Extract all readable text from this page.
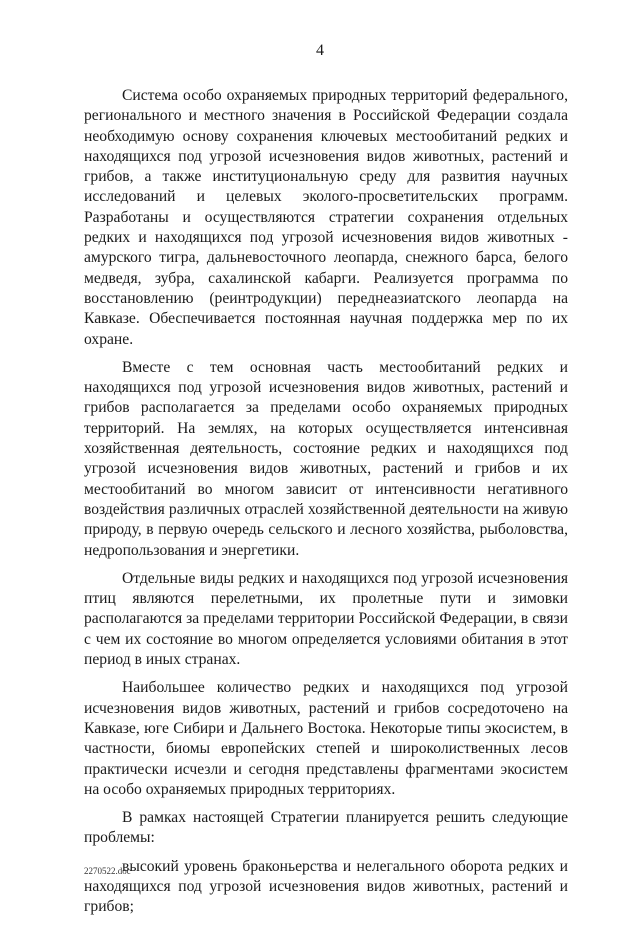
4

Система особо охраняемых природных территорий федерального, регионального и местного значения в Российской Федерации создала необходимую основу сохранения ключевых местообитаний редких и находящихся под угрозой исчезновения видов животных, растений и грибов, а также институциональную среду для развития научных исследований и целевых эколого-просветительских программ. Разработаны и осуществляются стратегии сохранения отдельных редких и находящихся под угрозой исчезновения видов животных - амурского тигра, дальневосточного леопарда, снежного барса, белого медведя, зубра, сахалинской кабарги. Реализуется программа по восстановлению (реинтродукции) переднеазиатского леопарда на Кавказе. Обеспечивается постоянная научная поддержка мер по их охране.

Вместе с тем основная часть местообитаний редких и находящихся под угрозой исчезновения видов животных, растений и грибов располагается за пределами особо охраняемых природных территорий. На землях, на которых осуществляется интенсивная хозяйственная деятельность, состояние редких и находящихся под угрозой исчезновения видов животных, растений и грибов и их местообитаний во многом зависит от интенсивности негативного воздействия различных отраслей хозяйственной деятельности на живую природу, в первую очередь сельского и лесного хозяйства, рыболовства, недропользования и энергетики.

Отдельные виды редких и находящихся под угрозой исчезновения птиц являются перелетными, их пролетные пути и зимовки располагаются за пределами территории Российской Федерации, в связи с чем их состояние во многом определяется условиями обитания в этот период в иных странах.

Наибольшее количество редких и находящихся под угрозой исчезновения видов животных, растений и грибов сосредоточено на Кавказе, юге Сибири и Дальнего Востока. Некоторые типы экосистем, в частности, биомы европейских степей и широколиственных лесов практически исчезли и сегодня представлены фрагментами экосистем на особо охраняемых природных территориях.

В рамках настоящей Стратегии планируется решить следующие проблемы:

высокий уровень браконьерства и нелегального оборота редких и находящихся под угрозой исчезновения видов животных, растений и грибов;

2270522.doc
